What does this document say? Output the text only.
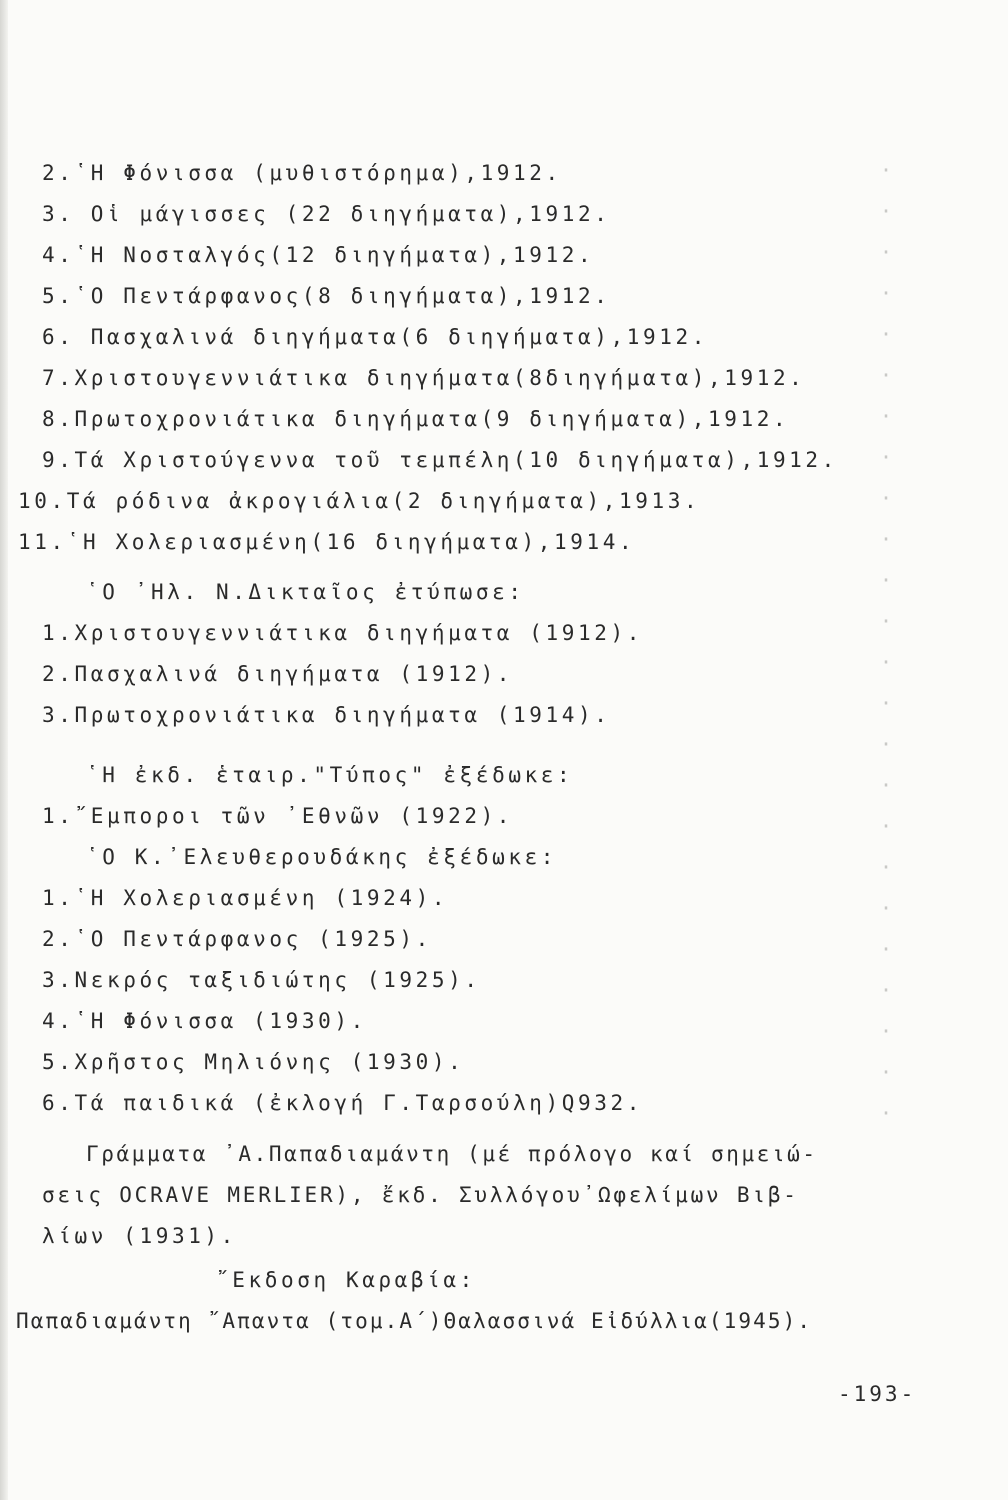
·
·
·
·
·
·
·
·
·
·
·
·
·
·
·
·
·
·
·
·
·
·
·
·
2.῾Η Φόνισσα (μυθιστόρημα),1912.
3. Οἱ μάγισσες (22 διηγήματα),1912.
4.῾Η Νοσταλγός(12 διηγήματα),1912.
5.῾Ο Πεντάρφανος(8 διηγήματα),1912.
6. Πασχαλινά διηγήματα(6 διηγήματα),1912.
7.Χριστουγεννιάτικα διηγήματα(8διηγήματα),1912.
8.Πρωτοχρονιάτικα διηγήματα(9 διηγήματα),1912.
9.Τά Χριστούγεννα τοῦ τεμπέλη(10 διηγήματα),1912.
10.Τά ρόδινα ἀκρογιάλια(2 διηγήματα),1913.
11.῾Η Χολεριασμένη(16 διηγήματα),1914.
῾Ο ᾽Ηλ. Ν.Δικταῖος ἐτύπωσε:
1.Χριστουγεννιάτικα διηγήματα (1912).
2.Πασχαλινά διηγήματα (1912).
3.Πρωτοχρονιάτικα διηγήματα (1914).
῾Η ἐκδ. ἑταιρ."Τύπος" ἐξέδωκε:
1.῎Εμποροι τῶν ᾽Εθνῶν (1922).
῾Ο Κ.᾽Ελευθερουδάκης ἐξέδωκε:
1.῾Η Χολεριασμένη (1924).
2.῾Ο Πεντάρφανος (1925).
3.Νεκρός ταξιδιώτης (1925).
4.῾Η Φόνισσα (1930).
5.Χρῆστος Μηλιόνης (1930).
6.Τά παιδικά (ἐκλογή Γ.Ταρσούλη)Q932.
Γράμματα ᾽Α.Παπαδιαμάντη (μέ πρόλογο καί σημειώ-
σεις OCRAVE MERLIER), ἔκδ. Συλλόγου᾽Ωφελίμων Βιβ-
λίων (1931).
῎Εκδοση Καραβία:
Παπαδιαμάντη ῎Απαντα (τομ.Α΄)Θαλασσινά Εἰδύλλια(1945).
-193-
